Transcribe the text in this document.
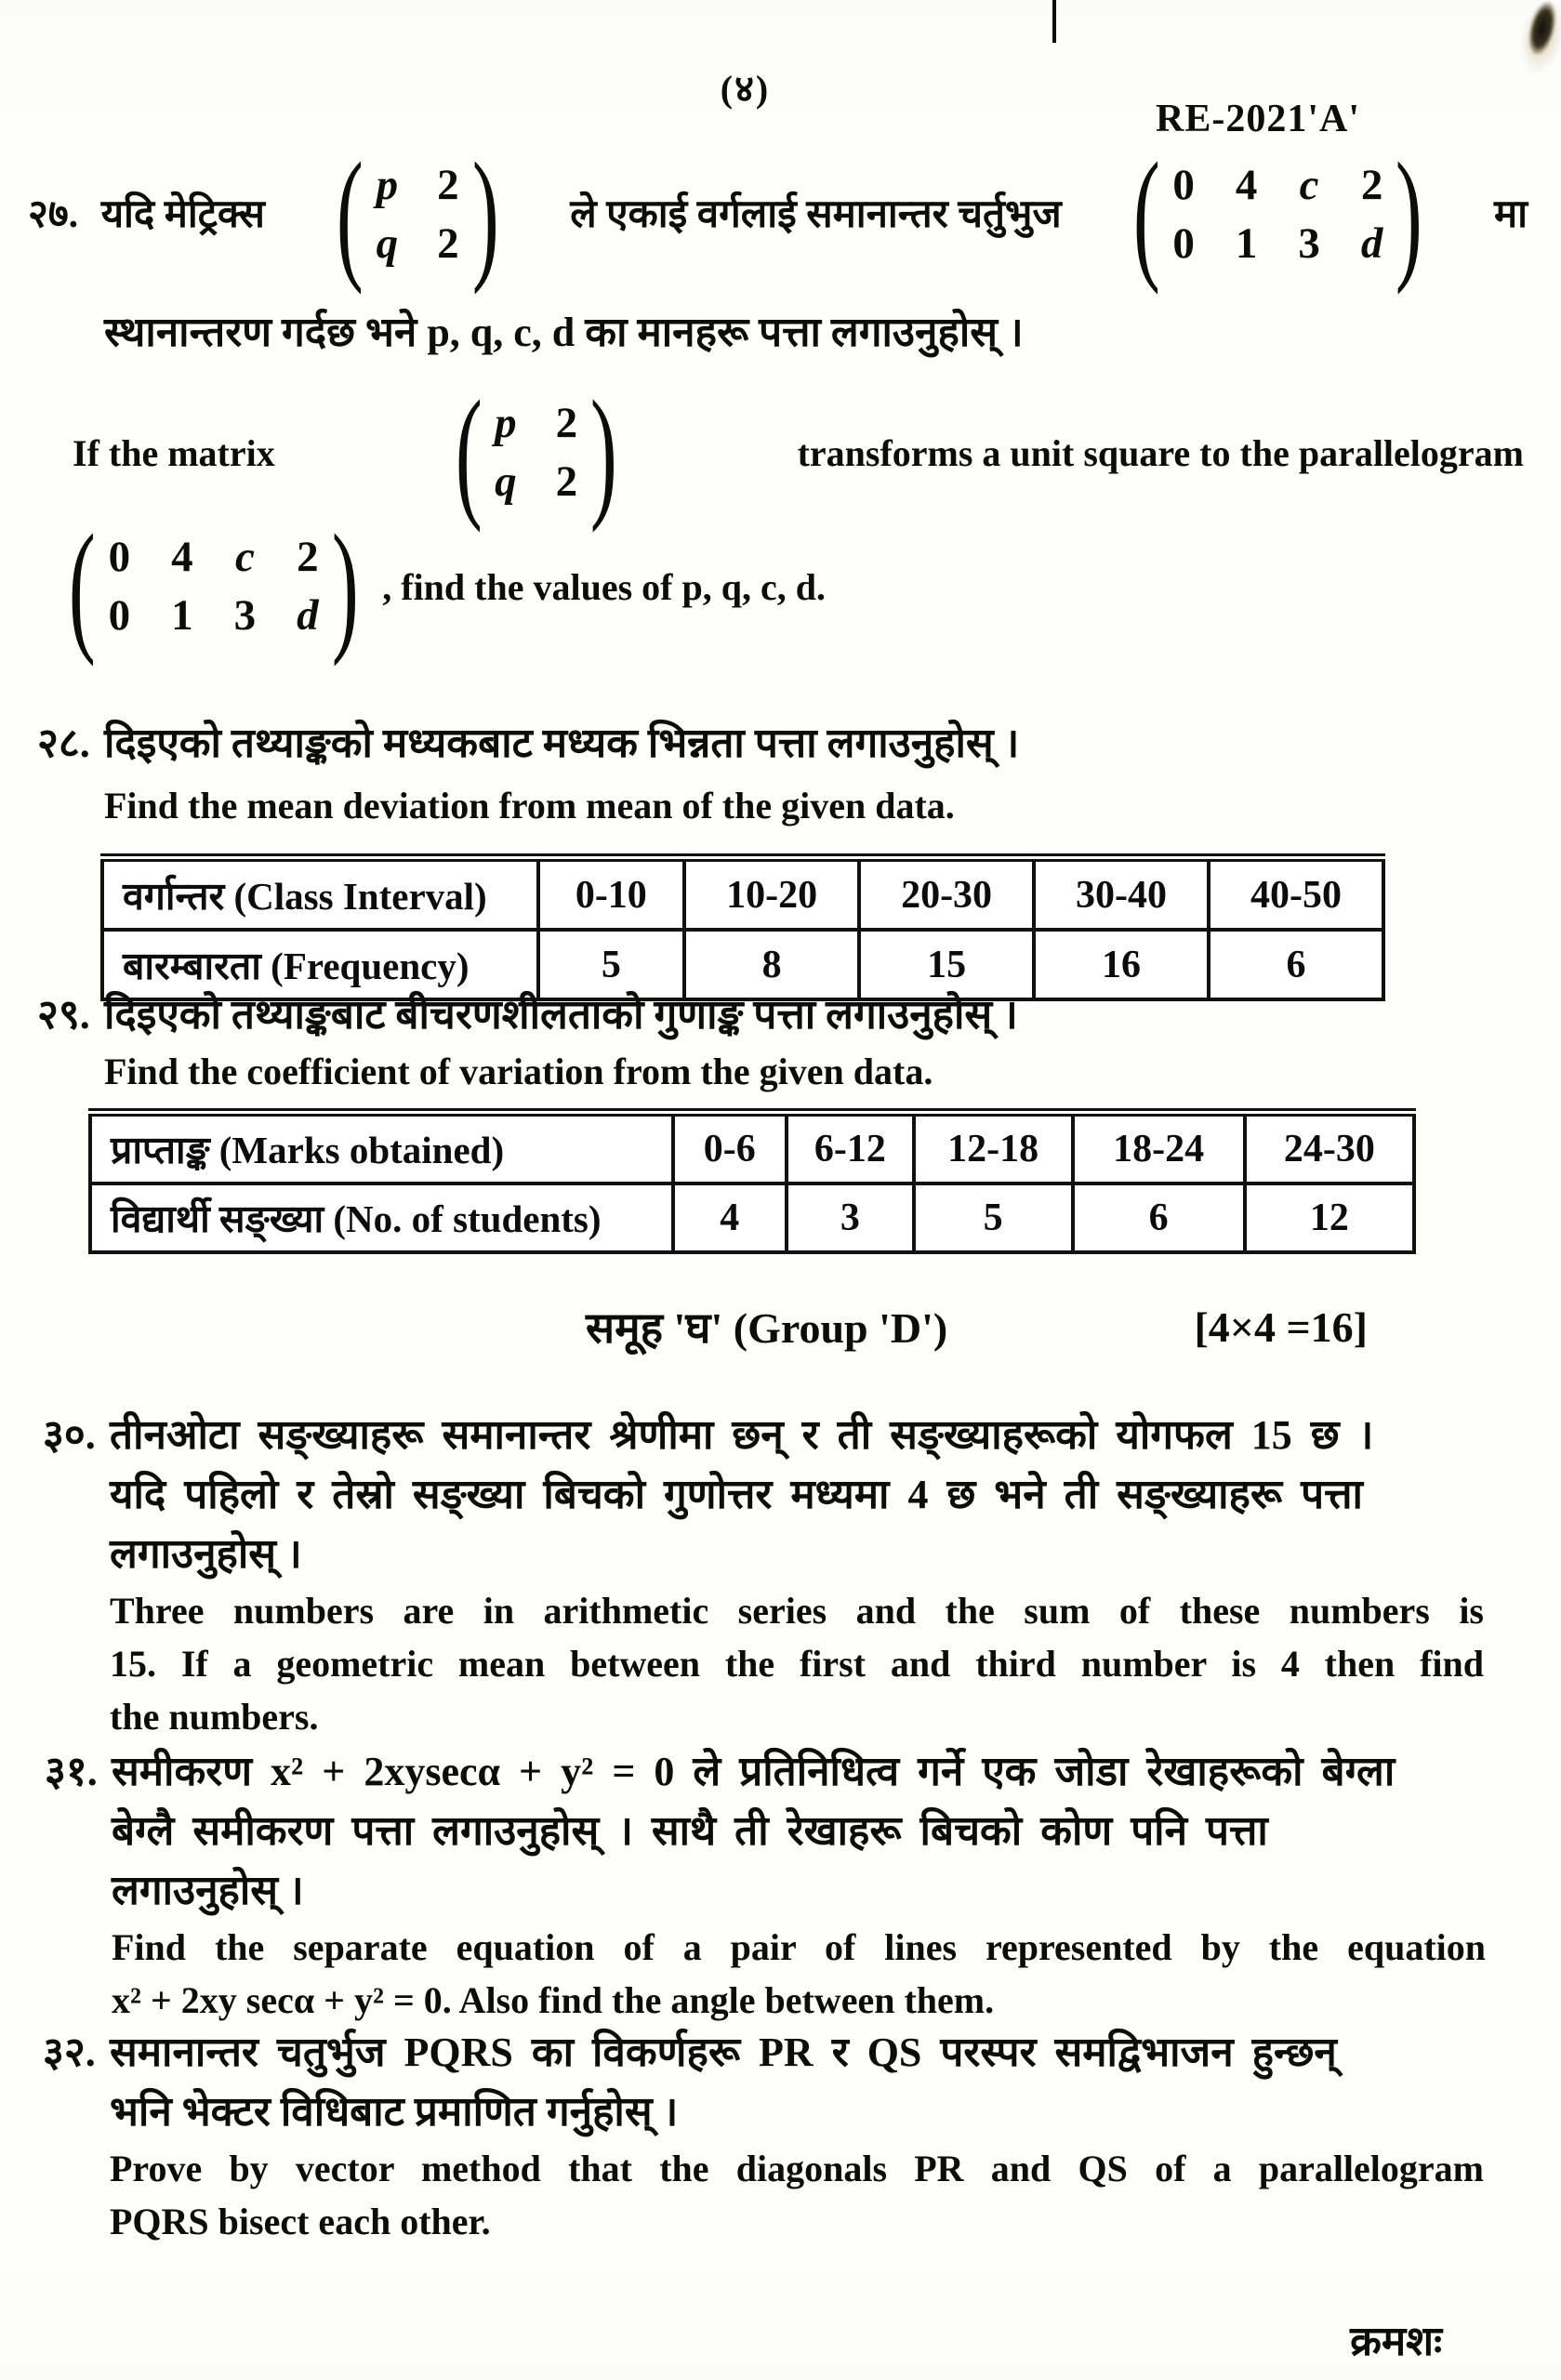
(४)
RE-2021'A'
२७. यदि मेट्रिक्स ( p 2
q 2 ) ले एकाई वर्गलाई समानान्तर चर्तुभुज ( 0 4 c 2
0 1 3 d ) मा
स्थानान्तरण गर्दछ भने p, q, c, d का मानहरू पत्ता लगाउनुहोस् ।
If the matrix ( p 2
q 2 )	transforms a unit square to the parallelogram
( 0 4 c 2
0 1 3 d ) , find the values of p, q, c, d.
२८. दिइएको तथ्याङ्कको मध्यकबाट मध्यक भिन्नता पत्ता लगाउनुहोस् ।
Find the mean deviation from mean of the given data.
वर्गान्तर (Class Interval)	0-10	10-20	20-30	30-40	40-50
बारम्बारता (Frequency)	5	8	15	16	6
२९. दिइएको तथ्याङ्कबाट बीचरणशीलताको गुणाङ्क पत्ता लगाउनुहोस् ।
Find the coefficient of variation from the given data.
प्राप्ताङ्क (Marks obtained)	0-6	6-12	12-18	18-24	24-30
विद्यार्थी सङ्ख्या (No. of students)	4	3	5	6	12
समूह 'घ' (Group 'D')	[4×4 =16]
३०. तीनओटा सङ्ख्याहरू समानान्तर श्रेणीमा छन् र ती सङ्ख्याहरूको योगफल 15 छ ।
यदि पहिलो र तेस्रो सङ्ख्या बिचको गुणोत्तर मध्यमा 4 छ भने ती सङ्ख्याहरू पत्ता
लगाउनुहोस् ।
Three numbers are in arithmetic series and the sum of these numbers is
15. If a geometric mean between the first and third number is 4 then find
the numbers.
३१. समीकरण x² + 2xysecα + y² = 0 ले प्रतिनिधित्व गर्ने एक जोडा रेखाहरूको बेग्ला
बेग्लै समीकरण पत्ता लगाउनुहोस् । साथै ती रेखाहरू बिचको कोण पनि पत्ता
लगाउनुहोस् ।
Find the separate equation of a pair of lines represented by the equation
x² + 2xy secα + y² = 0. Also find the angle between them.
३२. समानान्तर चतुर्भुज PQRS का विकर्णहरू PR र QS परस्पर समद्विभाजन हुन्छन्
भनि भेक्टर विधिबाट प्रमाणित गर्नुहोस् ।
Prove by vector method that the diagonals PR and QS of a parallelogram
PQRS bisect each other.
क्रमशः
